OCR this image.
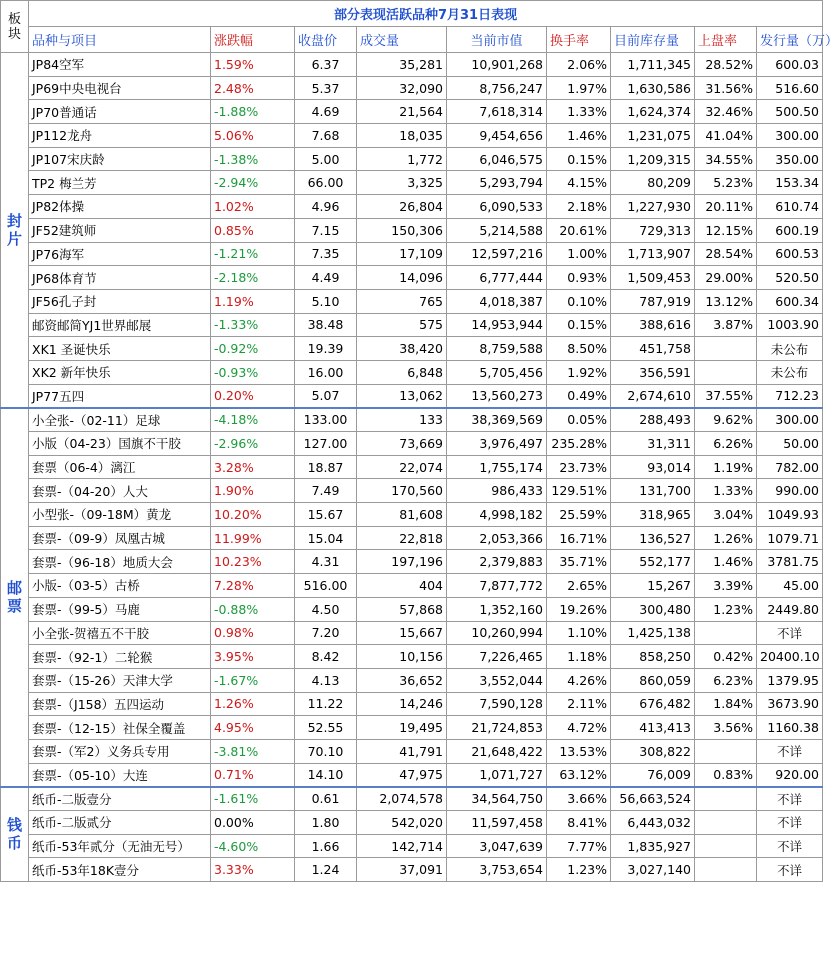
板
块	部分表现活跃品种7月31日表现								
	品种与项目	涨跌幅	收盘价	成交量	当前市值	换手率	目前库存量	上盘率	发行量（万）
封
片	JP84空军	1.59%	6.37	35,281	10,901,268	2.06%	1,711,345	28.52%	600.03
	JP69中央电视台	2.48%	5.37	32,090	8,756,247	1.97%	1,630,586	31.56%	516.60
	JP70普通话	-1.88%	4.69	21,564	7,618,314	1.33%	1,624,374	32.46%	500.50
	JP112龙舟	5.06%	7.68	18,035	9,454,656	1.46%	1,231,075	41.04%	300.00
	JP107宋庆龄	-1.38%	5.00	1,772	6,046,575	0.15%	1,209,315	34.55%	350.00
	TP2 梅兰芳	-2.94%	66.00	3,325	5,293,794	4.15%	80,209	5.23%	153.34
	JP82体操	1.02%	4.96	26,804	6,090,533	2.18%	1,227,930	20.11%	610.74
	JF52建筑师	0.85%	7.15	150,306	5,214,588	20.61%	729,313	12.15%	600.19
	JP76海军	-1.21%	7.35	17,109	12,597,216	1.00%	1,713,907	28.54%	600.53
	JP68体育节	-2.18%	4.49	14,096	6,777,444	0.93%	1,509,453	29.00%	520.50
	JF56孔子封	1.19%	5.10	765	4,018,387	0.10%	787,919	13.12%	600.34
	邮资邮简YJ1世界邮展	-1.33%	38.48	575	14,953,944	0.15%	388,616	3.87%	1003.90
	XK1 圣诞快乐	-0.92%	19.39	38,420	8,759,588	8.50%	451,758		未公布
	XK2 新年快乐	-0.93%	16.00	6,848	5,705,456	1.92%	356,591		未公布
	JP77五四	0.20%	5.07	13,062	13,560,273	0.49%	2,674,610	37.55%	712.23
邮
票	小全张-（02-11）足球	-4.18%	133.00	133	38,369,569	0.05%	288,493	9.62%	300.00
	小版（04-23）国旗不干胶	-2.96%	127.00	73,669	3,976,497	235.28%	31,311	6.26%	50.00
	套票（06-4）漓江	3.28%	18.87	22,074	1,755,174	23.73%	93,014	1.19%	782.00
	套票-（04-20）人大	1.90%	7.49	170,560	986,433	129.51%	131,700	1.33%	990.00
	小型张-（09-18M）黄龙	10.20%	15.67	81,608	4,998,182	25.59%	318,965	3.04%	1049.93
	套票-（09-9）凤凰古城	11.99%	15.04	22,818	2,053,366	16.71%	136,527	1.26%	1079.71
	套票-（96-18）地质大会	10.23%	4.31	197,196	2,379,883	35.71%	552,177	1.46%	3781.75
	小版-（03-5）古桥	7.28%	516.00	404	7,877,772	2.65%	15,267	3.39%	45.00
	套票-（99-5）马鹿	-0.88%	4.50	57,868	1,352,160	19.26%	300,480	1.23%	2449.80
	小全张-贺禧五不干胶	0.98%	7.20	15,667	10,260,994	1.10%	1,425,138		不详
	套票-（92-1）二轮猴	3.95%	8.42	10,156	7,226,465	1.18%	858,250	0.42%	20400.10
	套票-（15-26）天津大学	-1.67%	4.13	36,652	3,552,044	4.26%	860,059	6.23%	1379.95
	套票-（J158）五四运动	1.26%	11.22	14,246	7,590,128	2.11%	676,482	1.84%	3673.90
	套票-（12-15）社保全覆盖	4.95%	52.55	19,495	21,724,853	4.72%	413,413	3.56%	1160.38
	套票-（军2）义务兵专用	-3.81%	70.10	41,791	21,648,422	13.53%	308,822		不详
	套票-（05-10）大连	0.71%	14.10	47,975	1,071,727	63.12%	76,009	0.83%	920.00
钱
币	纸币-二版壹分	-1.61%	0.61	2,074,578	34,564,750	3.66%	56,663,524		不详
	纸币-二版贰分	0.00%	1.80	542,020	11,597,458	8.41%	6,443,032		不详
	纸币-53年贰分（无油无号）	-4.60%	1.66	142,714	3,047,639	7.77%	1,835,927		不详
	纸币-53年18K壹分	3.33%	1.24	37,091	3,753,654	1.23%	3,027,140		不详
